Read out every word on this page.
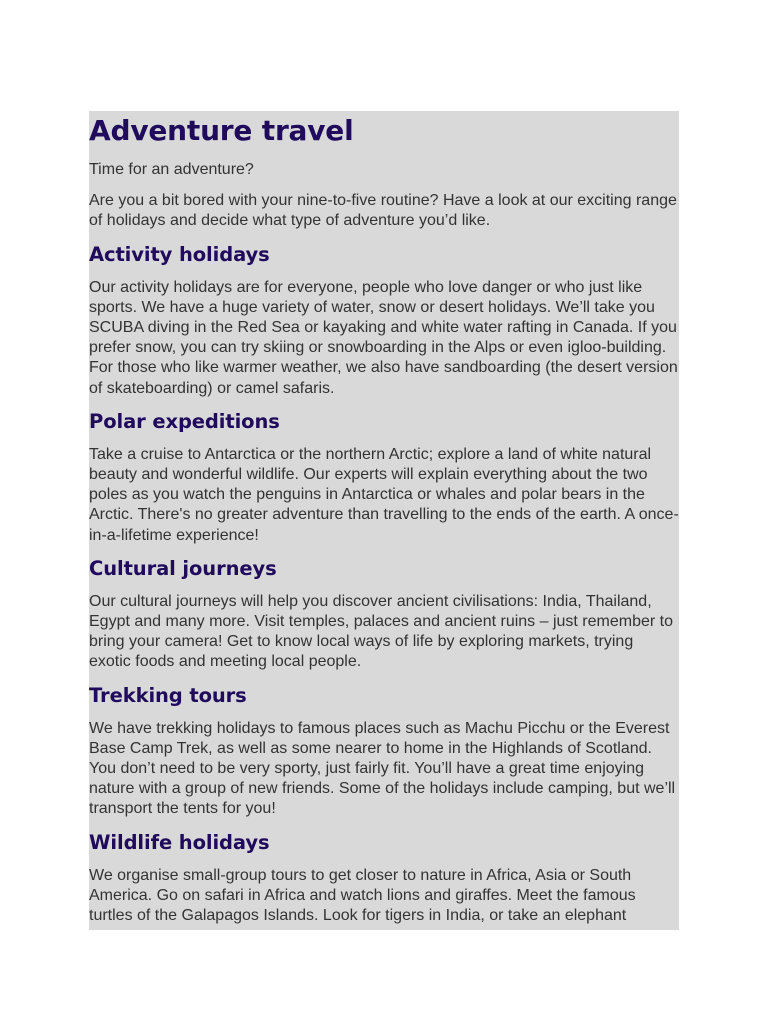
Adventure travel

Time for an adventure?

Are you a bit bored with your nine-to-five routine? Have a look at our exciting range of holidays and decide what type of adventure you’d like.

Activity holidays

Our activity holidays are for everyone, people who love danger or who just like sports. We have a huge variety of water, snow or desert holidays. We’ll take you SCUBA diving in the Red Sea or kayaking and white water rafting in Canada. If you prefer snow, you can try skiing or snowboarding in the Alps or even igloo-building. For those who like warmer weather, we also have sandboarding (the desert version of skateboarding) or camel safaris.

Polar expeditions

Take a cruise to Antarctica or the northern Arctic; explore a land of white natural beauty and wonderful wildlife. Our experts will explain everything about the two poles as you watch the penguins in Antarctica or whales and polar bears in the Arctic. There's no greater adventure than travelling to the ends of the earth. A once-in-a-lifetime experience!

Cultural journeys

Our cultural journeys will help you discover ancient civilisations: India, Thailand, Egypt and many more. Visit temples, palaces and ancient ruins – just remember to bring your camera! Get to know local ways of life by exploring markets, trying exotic foods and meeting local people.

Trekking tours

We have trekking holidays to famous places such as Machu Picchu or the Everest Base Camp Trek, as well as some nearer to home in the Highlands of Scotland. You don’t need to be very sporty, just fairly fit. You’ll have a great time enjoying nature with a group of new friends. Some of the holidays include camping, but we’ll transport the tents for you!

Wildlife holidays

We organise small-group tours to get closer to nature in Africa, Asia or South America. Go on safari in Africa and watch lions and giraffes. Meet the famous turtles of the Galapagos Islands. Look for tigers in India, or take an elephant
